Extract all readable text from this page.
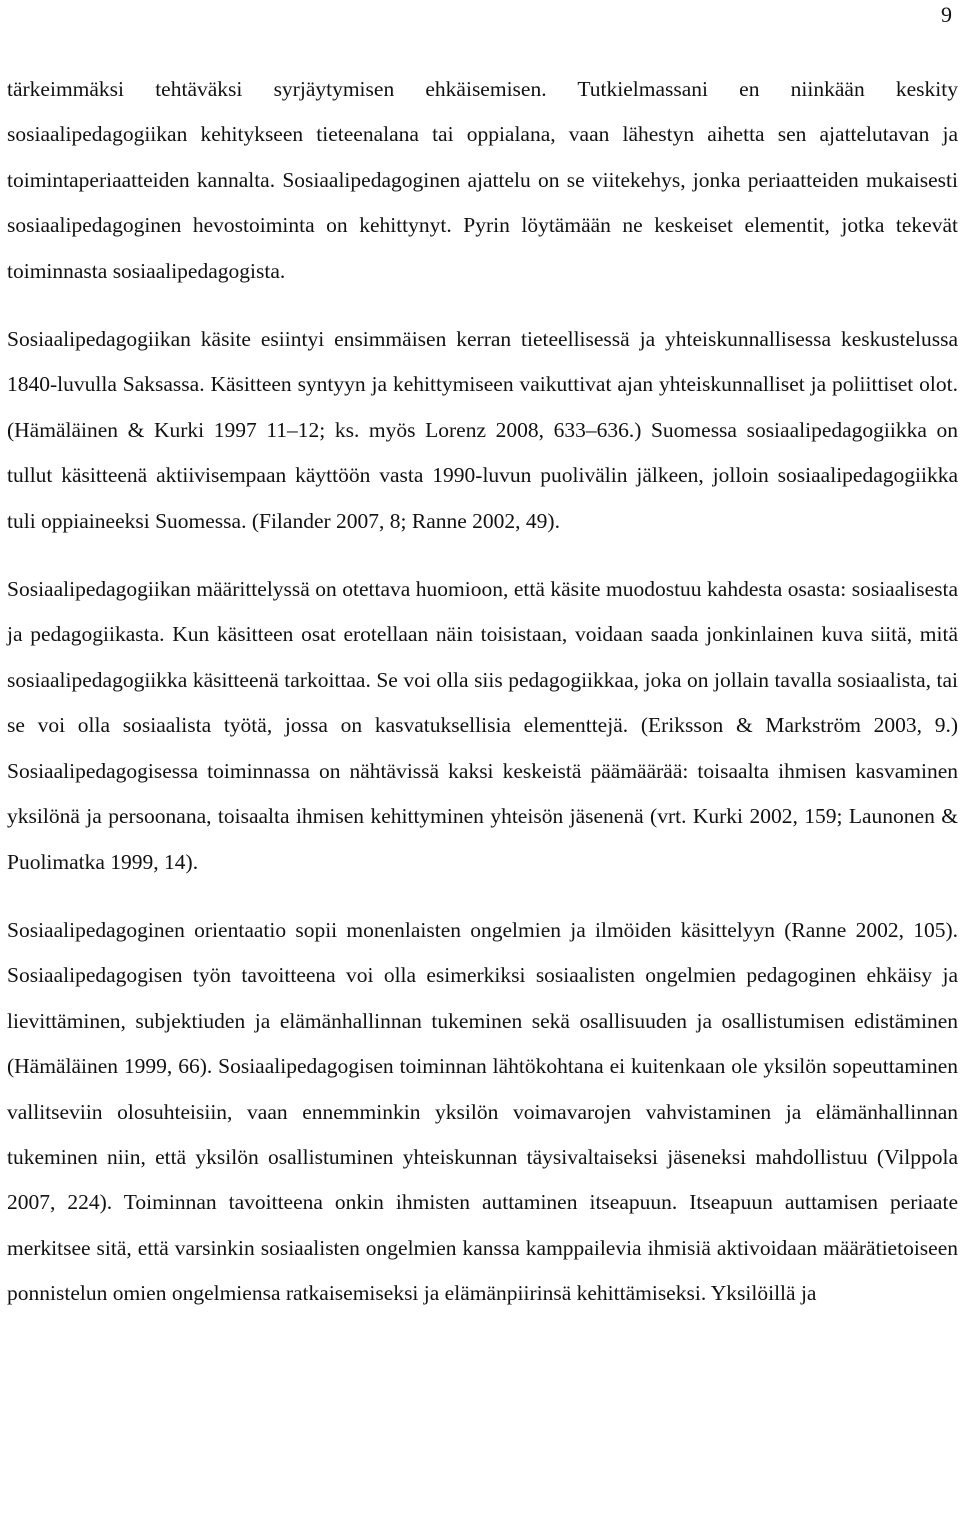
9

tärkeimmäksi tehtäväksi syrjäytymisen ehkäisemisen. Tutkielmassani en niinkään keskity sosiaalipedagogiikan kehitykseen tieteenalana tai oppialana, vaan lähestyn aihetta sen ajattelutavan ja toimintaperiaatteiden kannalta. Sosiaalipedagoginen ajattelu on se viitekehys, jonka periaatteiden mukaisesti sosiaalipedagoginen hevostoiminta on kehittynyt. Pyrin löytämään ne keskeiset elementit, jotka tekevät toiminnasta sosiaalipedagogista.

Sosiaalipedagogiikan käsite esiintyi ensimmäisen kerran tieteellisessä ja yhteiskunnallisessa keskustelussa 1840-luvulla Saksassa. Käsitteen syntyyn ja kehittymiseen vaikuttivat ajan yhteiskunnalliset ja poliittiset olot. (Hämäläinen & Kurki 1997 11–12; ks. myös Lorenz 2008, 633–636.) Suomessa sosiaalipedagogiikka on tullut käsitteenä aktiivisempaan käyttöön vasta 1990-luvun puolivälin jälkeen, jolloin sosiaalipedagogiikka tuli oppiaineeksi Suomessa. (Filander 2007, 8; Ranne 2002, 49).

Sosiaalipedagogiikan määrittelyssä on otettava huomioon, että käsite muodostuu kahdesta osasta: sosiaalisesta ja pedagogiikasta. Kun käsitteen osat erotellaan näin toisistaan, voidaan saada jonkinlainen kuva siitä, mitä sosiaalipedagogiikka käsitteenä tarkoittaa. Se voi olla siis pedagogiikkaa, joka on jollain tavalla sosiaalista, tai se voi olla sosiaalista työtä, jossa on kasvatuksellisia elementtejä. (Eriksson & Markström 2003, 9.) Sosiaalipedagogisessa toiminnassa on nähtävissä kaksi keskeistä päämäärää: toisaalta ihmisen kasvaminen yksilönä ja persoonana, toisaalta ihmisen kehittyminen yhteisön jäsenenä (vrt. Kurki 2002, 159; Launonen & Puolimatka 1999, 14).

Sosiaalipedagoginen orientaatio sopii monenlaisten ongelmien ja ilmöiden käsittelyyn (Ranne 2002, 105). Sosiaalipedagogisen työn tavoitteena voi olla esimerkiksi sosiaalisten ongelmien pedagoginen ehkäisy ja lievittäminen, subjektiuden ja elämänhallinnan tukeminen sekä osallisuuden ja osallistumisen edistäminen (Hämäläinen 1999, 66). Sosiaalipedagogisen toiminnan lähtökohtana ei kuitenkaan ole yksilön sopeuttaminen vallitseviin olosuhteisiin, vaan ennemminkin yksilön voimavarojen vahvistaminen ja elämänhallinnan tukeminen niin, että yksilön osallistuminen yhteiskunnan täysivaltaiseksi jäseneksi mahdollistuu (Vilppola 2007, 224). Toiminnan tavoitteena onkin ihmisten auttaminen itseapuun. Itseapuun auttamisen periaate merkitsee sitä, että varsinkin sosiaalisten ongelmien kanssa kamppailevia ihmisiä aktivoidaan määrätietoiseen ponnistelun omien ongelmiensa ratkaisemiseksi ja elämänpiirinsä kehittämiseksi. Yksilöillä ja
